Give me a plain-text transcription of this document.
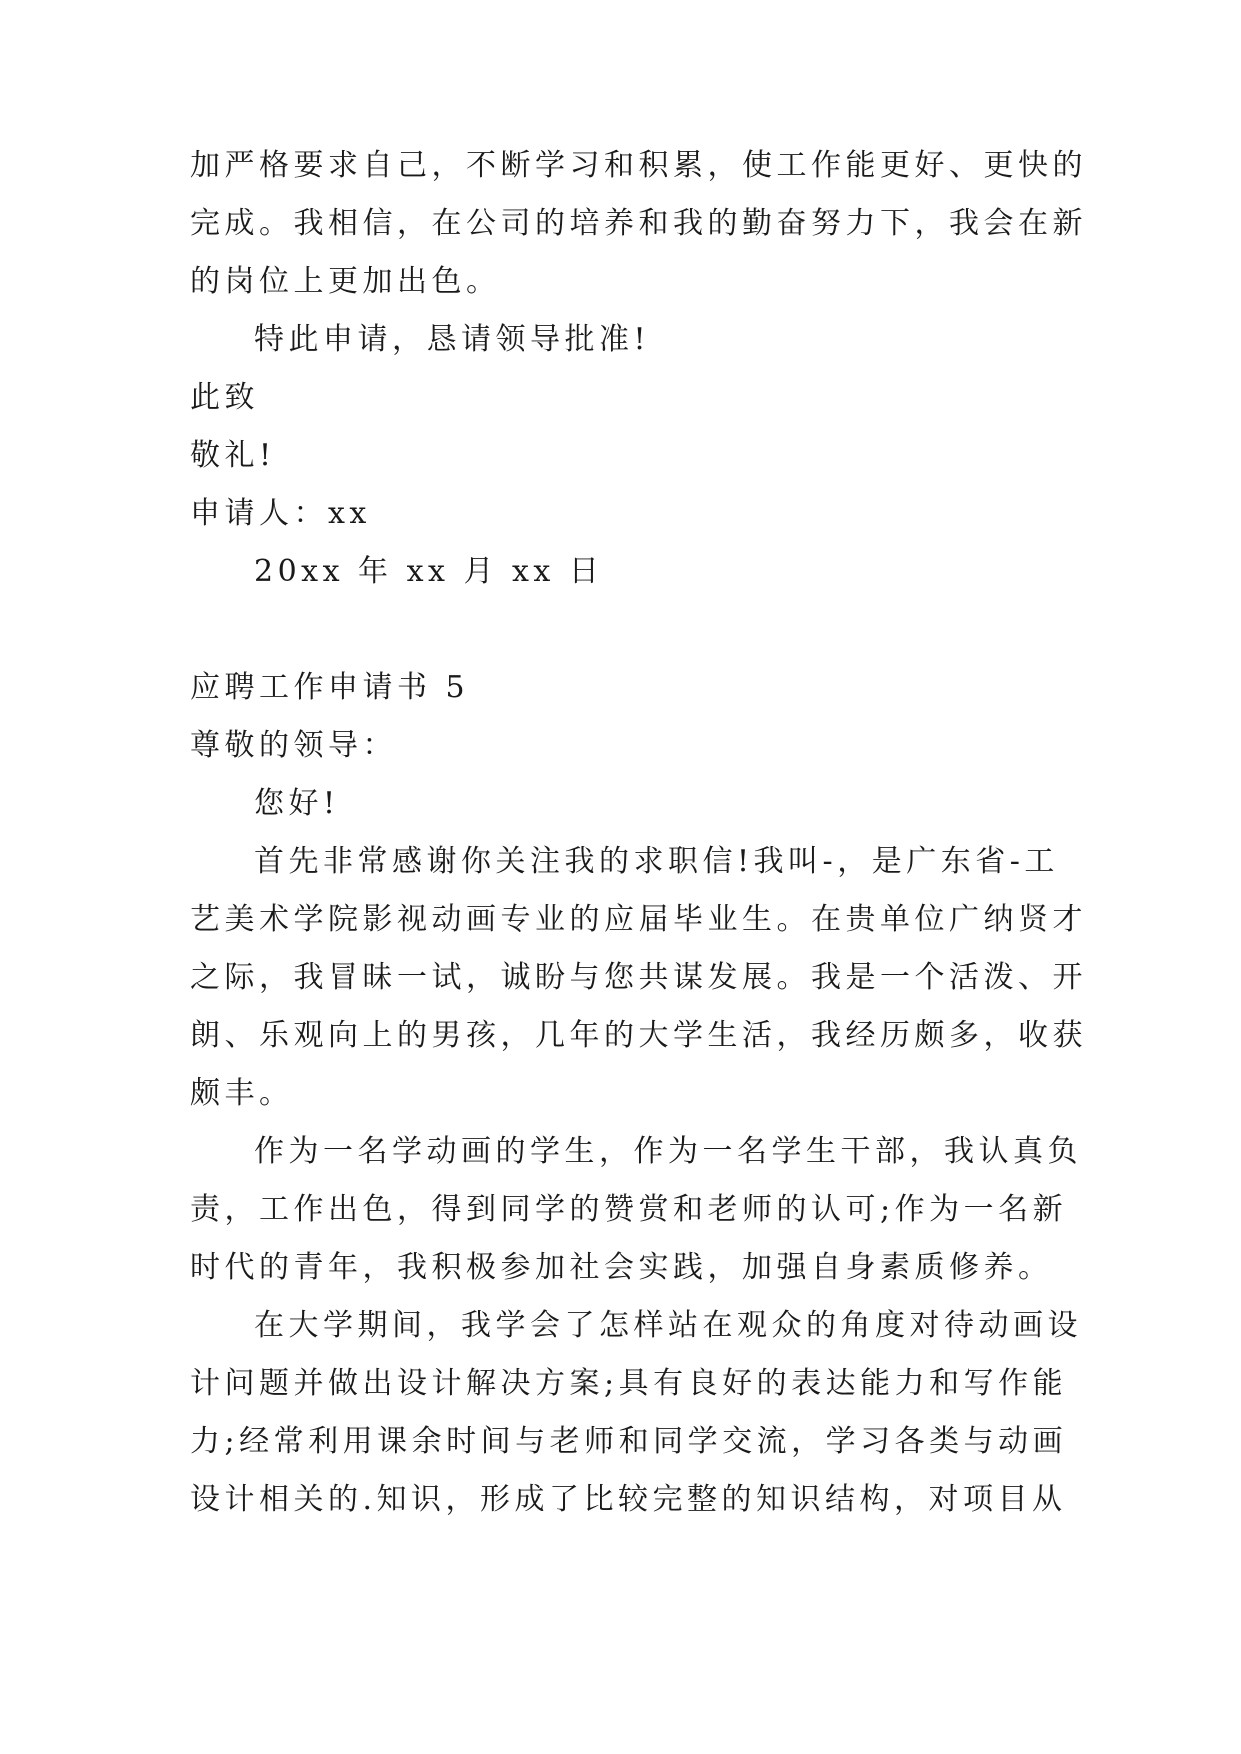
加严格要求自己，不断学习和积累，使工作能更好、更快的
完成。我相信，在公司的培养和我的勤奋努力下，我会在新
的岗位上更加出色。
特此申请，恳请领导批准!
此致
敬礼!
申请人：xx
20xx 年 xx 月 xx 日
应聘工作申请书 5
尊敬的领导：
您好!
首先非常感谢你关注我的求职信!我叫-，是广东省-工
艺美术学院影视动画专业的应届毕业生。在贵单位广纳贤才
之际，我冒昧一试，诚盼与您共谋发展。我是一个活泼、开
朗、乐观向上的男孩，几年的大学生活，我经历颇多，收获
颇丰。
作为一名学动画的学生，作为一名学生干部，我认真负
责，工作出色，得到同学的赞赏和老师的认可;作为一名新
时代的青年，我积极参加社会实践，加强自身素质修养。
在大学期间，我学会了怎样站在观众的角度对待动画设
计问题并做出设计解决方案;具有良好的表达能力和写作能
力;经常利用课余时间与老师和同学交流，学习各类与动画
设计相关的.知识，形成了比较完整的知识结构，对项目从
